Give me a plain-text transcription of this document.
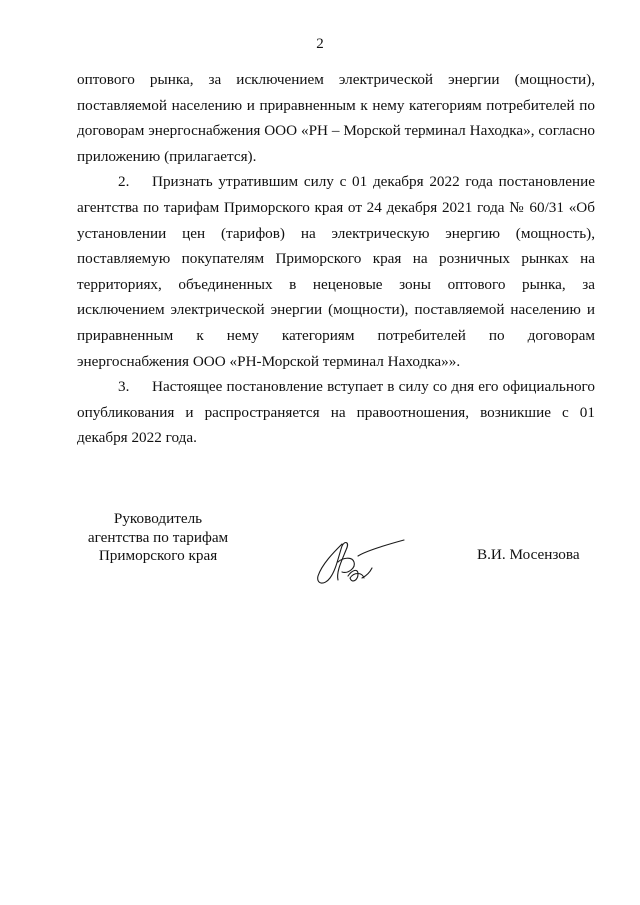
2

оптового рынка, за исключением электрической энергии (мощности), поставляемой населению и приравненным к нему категориям потребителей по договорам энергоснабжения ООО «РН – Морской терминал Находка», согласно приложению (прилагается).

2. Признать утратившим силу с 01 декабря 2022 года постановление агентства по тарифам Приморского края от 24 декабря 2021 года № 60/31 «Об установлении цен (тарифов) на электрическую энергию (мощность), поставляемую покупателям Приморского края на розничных рынках на территориях, объединенных в неценовые зоны оптового рынка, за исключением электрической энергии (мощности), поставляемой населению и приравненным к нему категориям потребителей по договорам энергоснабжения ООО «РН-Морской терминал Находка»».

3. Настоящее постановление вступает в силу со дня его официального опубликования и распространяется на правоотношения, возникшие с 01 декабря 2022 года.

Руководитель
агентства по тарифам
Приморского края	В.И. Мосензова
